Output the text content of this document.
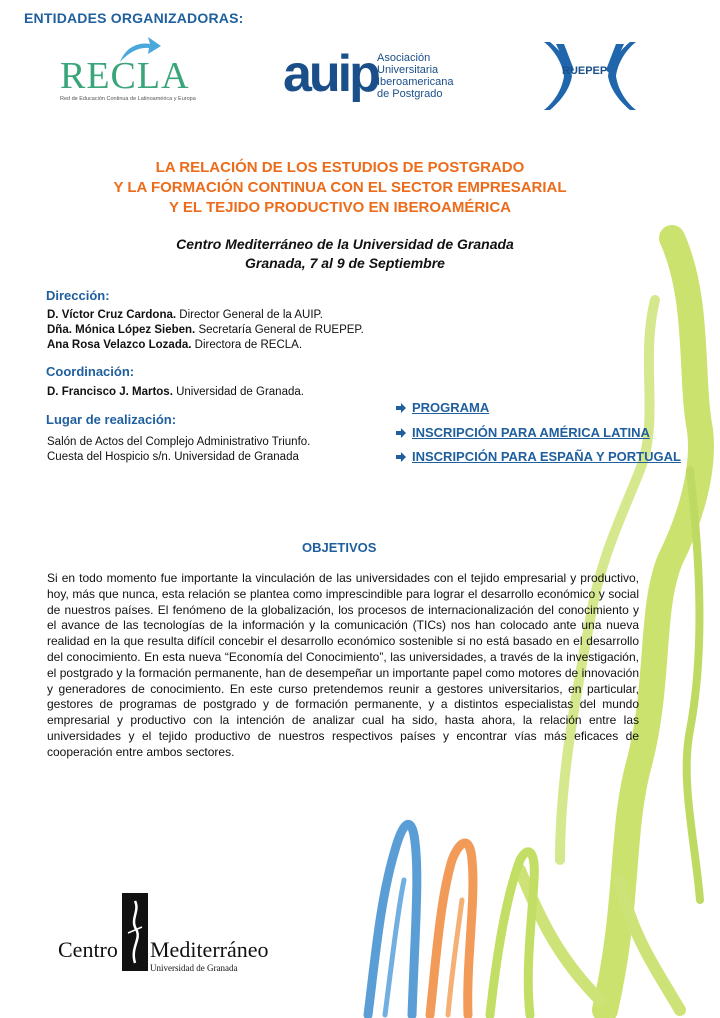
ENTIDADES ORGANIZADORAS:
RECLA
Red de Educación Continua de Latinoamérica y Europa auip Asociación
Universitaria
Iberoamericana
de Postgrado
RUEPEP
LA RELACIÓN DE LOS ESTUDIOS DE POSTGRADO
Y LA FORMACIÓN CONTINUA CON EL SECTOR EMPRESARIAL
Y EL TEJIDO PRODUCTIVO EN IBEROAMÉRICA
Centro Mediterráneo de la Universidad de Granada
Granada, 7 al 9 de Septiembre
Dirección:
D. Víctor Cruz Cardona. Director General de la AUIP.
Dña. Mónica López Sieben. Secretaría General de RUEPEP.
Ana Rosa Velazco Lozada. Directora de RECLA.
Coordinación:
D. Francisco J. Martos. Universidad de Granada.
Lugar de realización:
Salón de Actos del Complejo Administrativo Triunfo.
Cuesta del Hospicio s/n. Universidad de Granada
PROGRAMA
INSCRIPCIÓN PARA AMÉRICA LATINA
INSCRIPCIÓN PARA ESPAÑA Y PORTUGAL
OBJETIVOS
Si en todo momento fue importante la vinculación de las universidades con el tejido empresarial y productivo, hoy, más que nunca, esta relación se plantea como imprescindible para lograr el desarrollo económico y social de nuestros países. El fenómeno de la globalización, los procesos de internacionalización del conocimiento y el avance de las tecnologías de la información y la comunicación (TICs) nos han colocado ante una nueva realidad en la que resulta difícil concebir el desarrollo económico sostenible si no está basado en el desarrollo del conocimiento. En esta nueva “Economía del Conocimiento”, las universidades, a través de la investigación, el postgrado y la formación permanente, han de desempeñar un importante papel como motores de innovación y generadores de conocimiento. En este curso pretendemos reunir a gestores universitarios, en particular, gestores de programas de postgrado y de formación permanente, y a distintos especialistas del mundo empresarial y productivo con la intención de analizar cual ha sido, hasta ahora, la relación entre las universidades y el tejido productivo de nuestros respectivos países y encontrar vías más eficaces de cooperación entre ambos sectores.
Centro Mediterráneo
Universidad de Granada
